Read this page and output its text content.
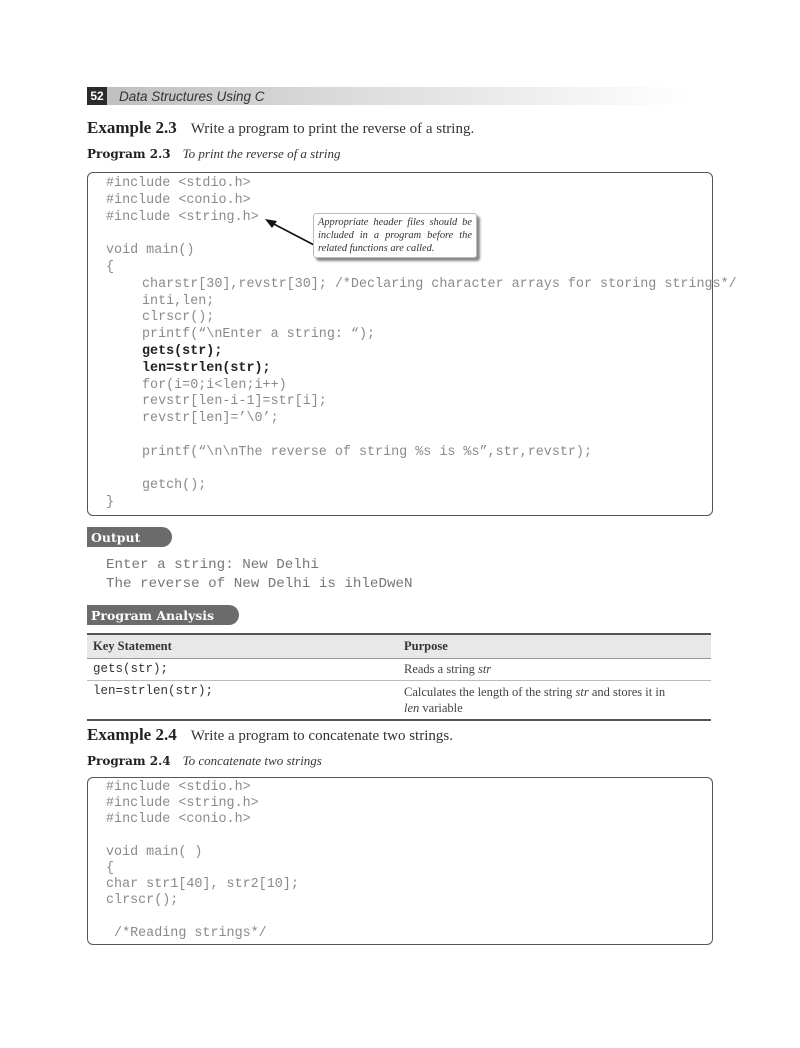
52 Data Structures Using C
Example 2.3 Write a program to print the reverse of a string.
Program 2.3 To print the reverse of a string
#include <stdio.h>
#include <conio.h>
#include <string.h>
void main()
{
charstr[30],revstr[30]; /*Declaring character arrays for storing strings*/
inti,len;
clrscr();
printf(“\nEnter a string: “);
gets(str);
len=strlen(str);
for(i=0;i<len;i++)
revstr[len-i-1]=str[i];
revstr[len]=’\0’;
printf(“\n\nThe reverse of string %s is %s”,str,revstr);
getch();
}
Appropriate header files should be included in a program before the related functions are called.
Output
Enter a string: New Delhi
The reverse of New Delhi is ihleDweN
Program Analysis
Key Statement	Purpose
gets(str);	Reads a string str
len=strlen(str);	Calculates the length of the string str and stores it in
len variable
Example 2.4 Write a program to concatenate two strings.
Program 2.4 To concatenate two strings
#include <stdio.h>
#include <string.h>
#include <conio.h>
void main( )
{
char str1[40], str2[10];
clrscr();
/*Reading strings*/
